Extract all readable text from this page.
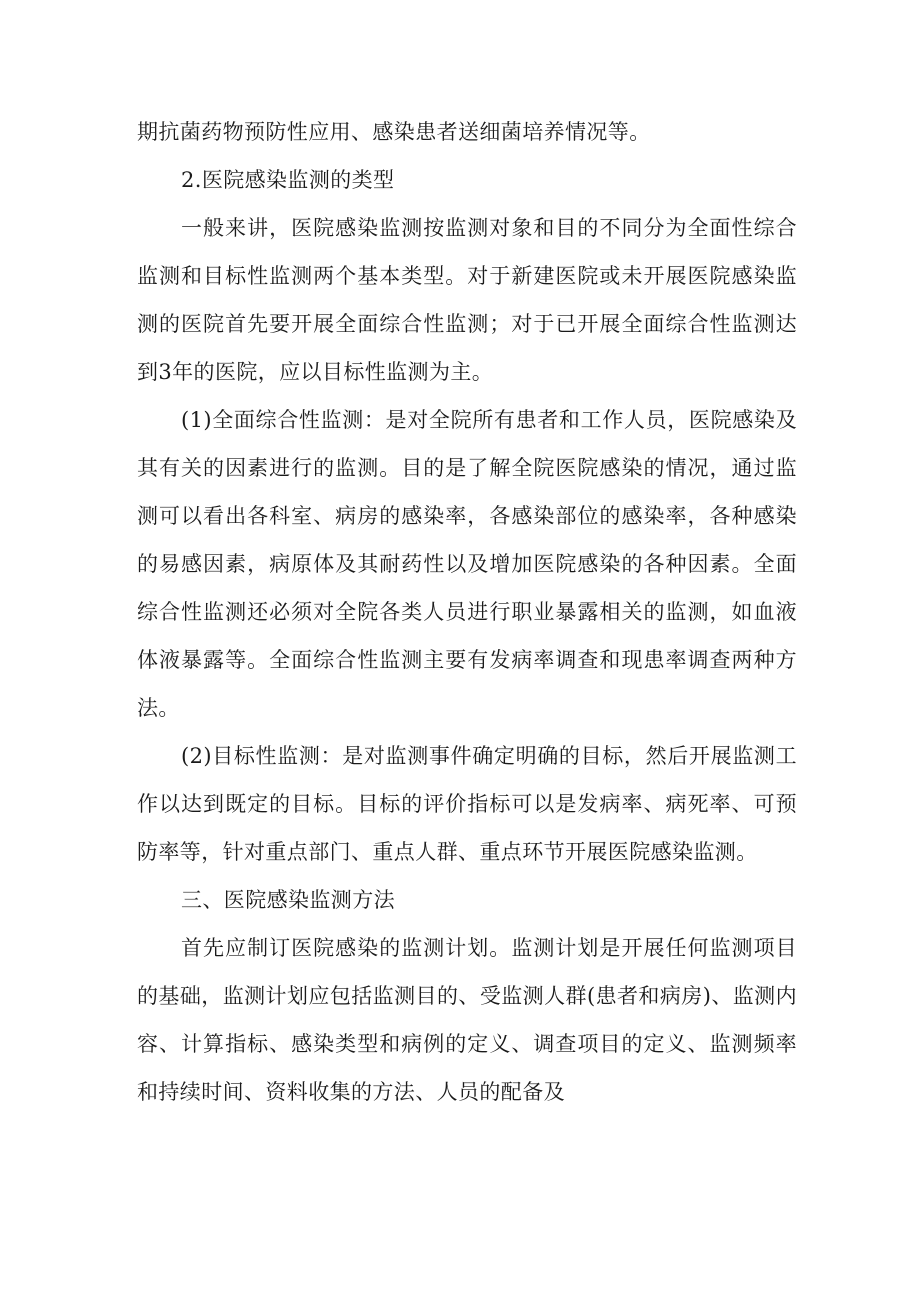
期抗菌药物预防性应用、感染患者送细菌培养情况等。

2.医院感染监测的类型

一般来讲，医院感染监测按监测对象和目的不同分为全面性综合监测和目标性监测两个基本类型。对于新建医院或未开展医院感染监测的医院首先要开展全面综合性监测；对于已开展全面综合性监测达到3年的医院，应以目标性监测为主。

(1)全面综合性监测：是对全院所有患者和工作人员，医院感染及其有关的因素进行的监测。目的是了解全院医院感染的情况，通过监测可以看出各科室、病房的感染率，各感染部位的感染率，各种感染的易感因素，病原体及其耐药性以及增加医院感染的各种因素。全面综合性监测还必须对全院各类人员进行职业暴露相关的监测，如血液体液暴露等。全面综合性监测主要有发病率调查和现患率调查两种方法。

(2)目标性监测：是对监测事件确定明确的目标，然后开展监测工作以达到既定的目标。目标的评价指标可以是发病率、病死率、可预防率等，针对重点部门、重点人群、重点环节开展医院感染监测。

三、医院感染监测方法

首先应制订医院感染的监测计划。监测计划是开展任何监测项目的基础，监测计划应包括监测目的、受监测人群(患者和病房)、监测内容、计算指标、感染类型和病例的定义、调查项目的定义、监测频率和持续时间、资料收集的方法、人员的配备及
